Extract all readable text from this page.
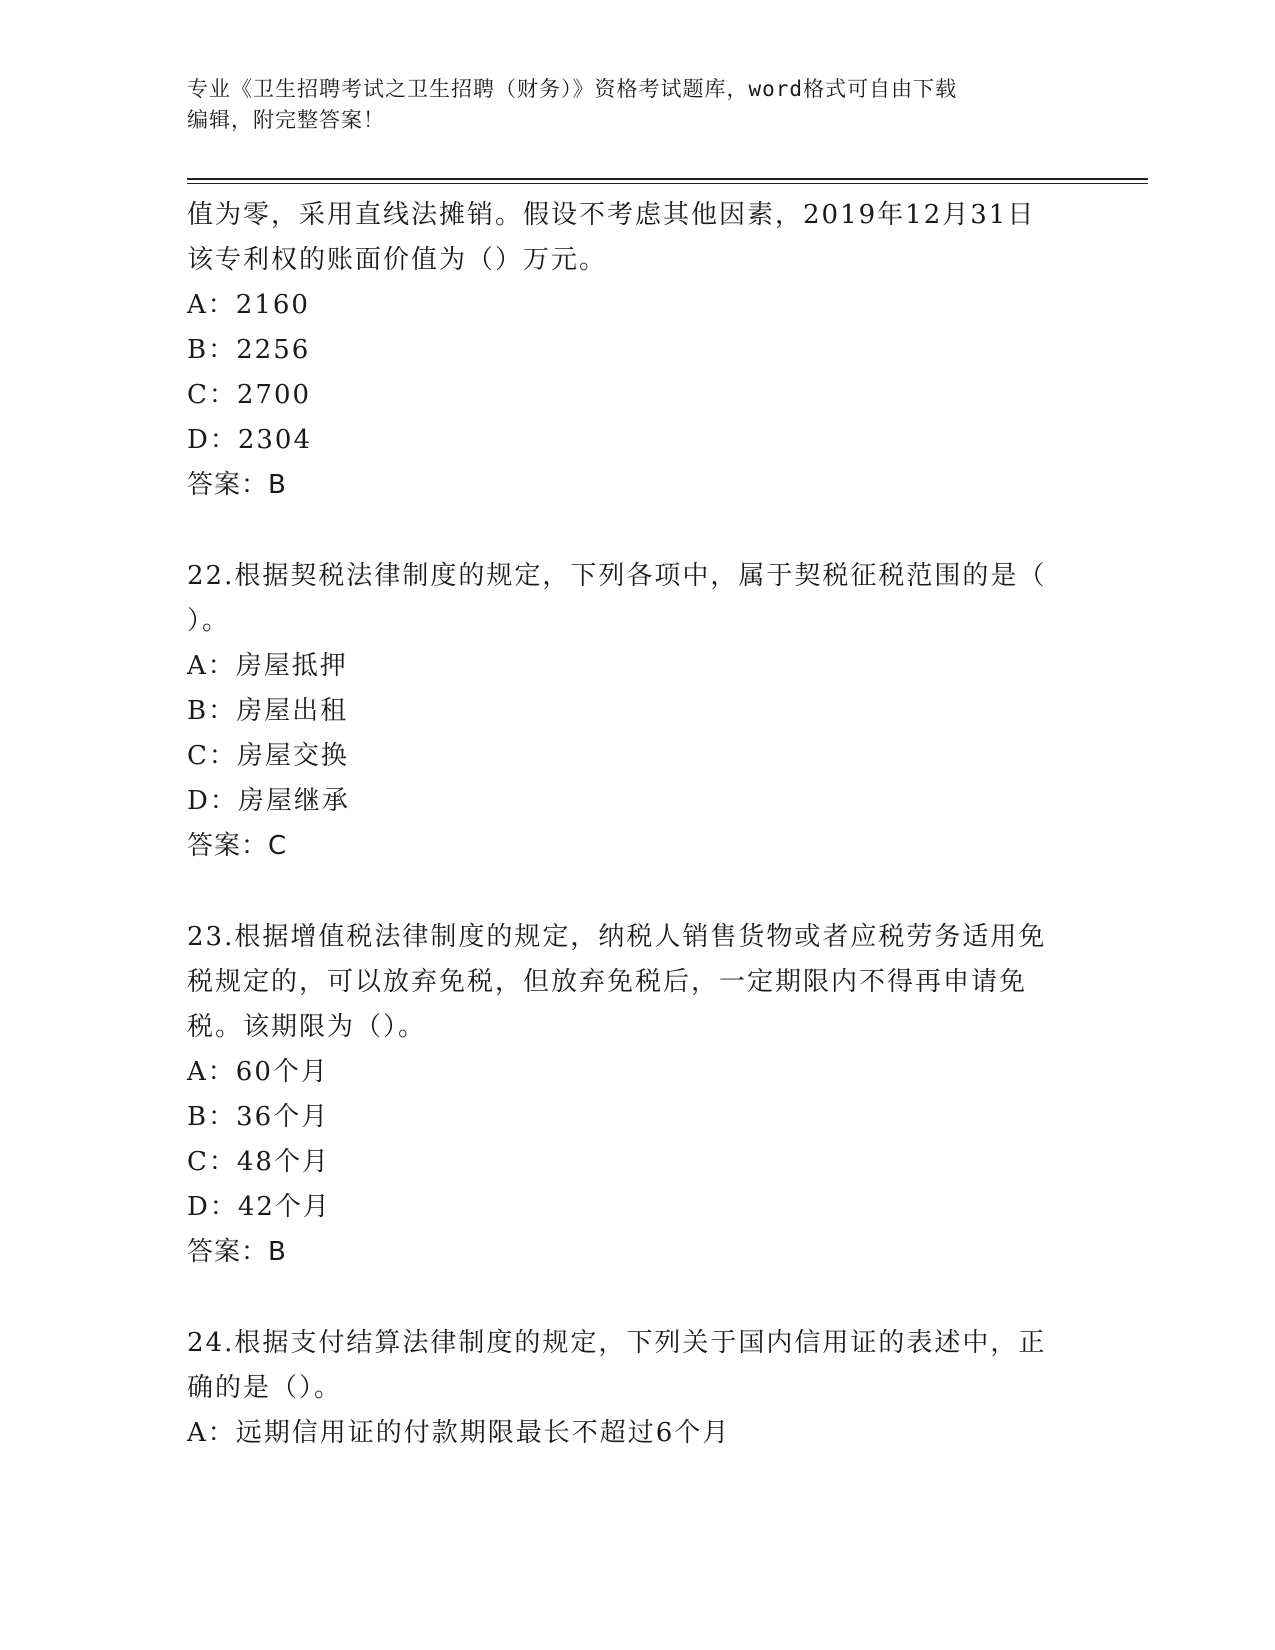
专业《卫生招聘考试之卫生招聘（财务）》资格考试题库，word格式可自由下载
编辑，附完整答案！
值为零，采用直线法摊销。假设不考虑其他因素，2019年12月31日
该专利权的账面价值为（）万元。
A：2160
B：2256
C：2700
D：2304
答案：B
22.根据契税法律制度的规定，下列各项中，属于契税征税范围的是（
）。
A：房屋抵押
B：房屋出租
C：房屋交换
D：房屋继承
答案：C
23.根据增值税法律制度的规定，纳税人销售货物或者应税劳务适用免
税规定的，可以放弃免税，但放弃免税后，一定期限内不得再申请免
税。该期限为（）。
A：60个月
B：36个月
C：48个月
D：42个月
答案：B
24.根据支付结算法律制度的规定，下列关于国内信用证的表述中，正
确的是（）。
A：远期信用证的付款期限最长不超过6个月
